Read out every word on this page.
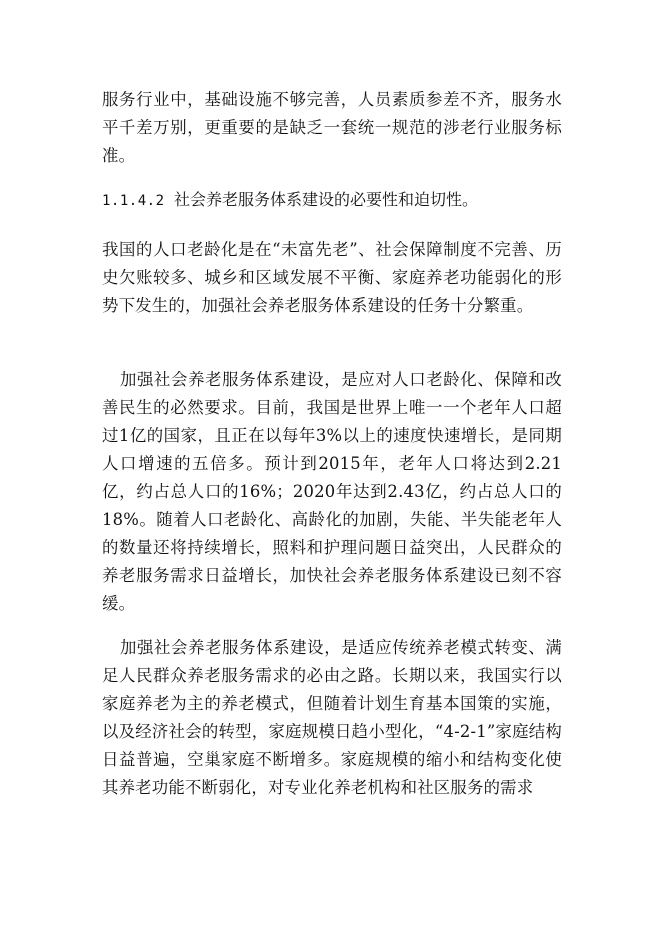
服务行业中，基础设施不够完善，人员素质参差不齐，服务水平千差万别，更重要的是缺乏一套统一规范的涉老行业服务标准。

1.1.4.2 社会养老服务体系建设的必要性和迫切性。

我国的人口老龄化是在“未富先老”、社会保障制度不完善、历史欠账较多、城乡和区域发展不平衡、家庭养老功能弱化的形势下发生的，加强社会养老服务体系建设的任务十分繁重。

加强社会养老服务体系建设，是应对人口老龄化、保障和改善民生的必然要求。目前，我国是世界上唯一一个老年人口超过1亿的国家，且正在以每年3%以上的速度快速增长，是同期人口增速的五倍多。预计到2015年，老年人口将达到2.21亿，约占总人口的16%；2020年达到2.43亿，约占总人口的18%。随着人口老龄化、高龄化的加剧，失能、半失能老年人的数量还将持续增长，照料和护理问题日益突出，人民群众的养老服务需求日益增长，加快社会养老服务体系建设已刻不容缓。

加强社会养老服务体系建设，是适应传统养老模式转变、满足人民群众养老服务需求的必由之路。长期以来，我国实行以家庭养老为主的养老模式，但随着计划生育基本国策的实施，以及经济社会的转型，家庭规模日趋小型化，“4-2-1”家庭结构日益普遍，空巢家庭不断增多。家庭规模的缩小和结构变化使其养老功能不断弱化，对专业化养老机构和社区服务的需求
